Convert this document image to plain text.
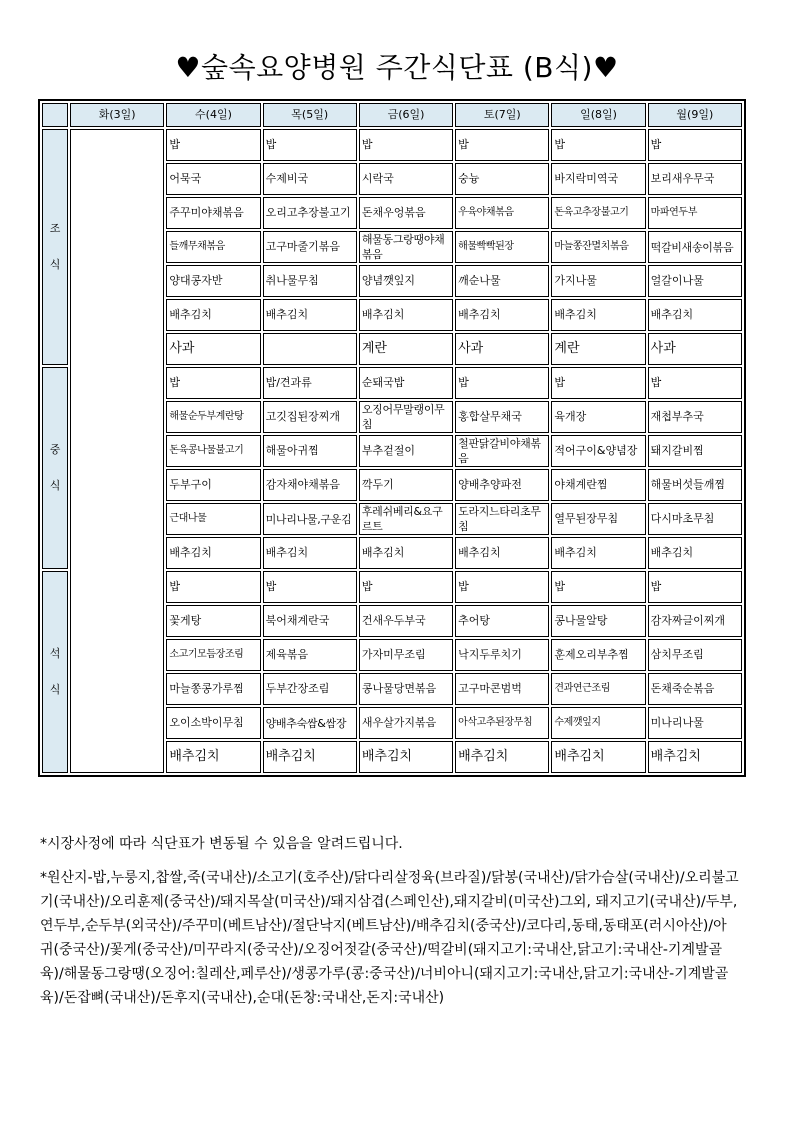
♥숲속요양병원 주간식단표 (B식)♥
	화(3일)	수(4일)	목(5일)	금(6일)	토(7일)	일(8일)	월(9일)

조
식		밥	밥	밥	밥	밥	밥
		어묵국	수제비국	시락국	숭늉	바지락미역국	보리새우무국
		주꾸미야채볶음	오리고추장불고기	돈채우엉볶음	우육야채볶음	돈육고추장불고기	마파연두부
		들깨무채볶음	고구마줄기볶음	해물동그랑땡야채볶음	해물빡빡된장	마늘쫑잔멸치볶음	떡갈비새송이볶음
		양대콩자반	취나물무침	양념깻잎지	깨순나물	가지나물	얼갈이나물
		배추김치	배추김치	배추김치	배추김치	배추김치	배추김치
		사과		계란	사과	계란	사과

중
식		밥	밥/견과류	순돼국밥	밥	밥	밥
		해물순두부계란탕	고깃집된장찌개	오징어무말랭이무침	홍합살무채국	육개장	재첩부추국
		돈육콩나물불고기	해물아귀찜	부추겉절이	철판닭갈비야채볶음	적어구이&양념장	돼지갈비찜
		두부구이	감자채야채볶음	깍두기	양배추양파전	야채계란찜	해물버섯들깨찜
		근대나물	미나리나물,구운김	후레쉬베리&요구르트	도라지느타리초무침	열무된장무침	다시마초무침
		배추김치	배추김치	배추김치	배추김치	배추김치	배추김치

석
식		밥	밥	밥	밥	밥	밥
		꽃게탕	북어채계란국	건새우두부국	추어탕	콩나물알탕	감자짜글이찌개
		소고기모듬장조림	제육볶음	가자미무조림	낙지두루치기	훈제오리부추찜	삼치무조림
		마늘쫑콩가루찜	두부간장조림	콩나물당면볶음	고구마콘범벅	견과연근조림	돈채죽순볶음
		오이소박이무침	양배추숙쌈&쌈장	새우살가지볶음	아삭고추된장무침	수제깻잎지	미나리나물
		배추김치	배추김치	배추김치	배추김치	배추김치	배추김치

*시장사정에 따라 식단표가 변동될 수 있음을 알려드립니다.

*원산지-밥,누룽지,찹쌀,죽(국내산)/소고기(호주산)/닭다리살정육(브라질)/닭봉(국내산)/닭가슴살(국내산)/오리불고기(국내산)/오리훈제(중국산)/돼지목살(미국산)/돼지삼겹(스페인산),돼지갈비(미국산)그외, 돼지고기(국내산)/두부,연두부,순두부(외국산)/주꾸미(베트남산)/절단낙지(베트남산)/배추김치(중국산)/코다리,동태,동태포(러시아산)/아귀(중국산)/꽃게(중국산)/미꾸라지(중국산)/오징어젓갈(중국산)/떡갈비(돼지고기:국내산,닭고기:국내산-기계발골육)/해물동그랑땡(오징어:칠레산,페루산)/생콩가루(콩:중국산)/너비아니(돼지고기:국내산,닭고기:국내산-기계발골육)/돈잡뼈(국내산)/돈후지(국내산),순대(돈창:국내산,돈지:국내산)
